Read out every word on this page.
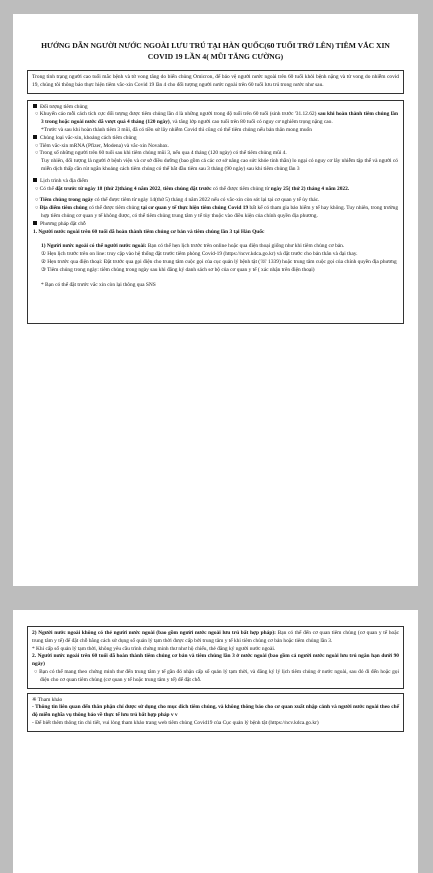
HƯỚNG DẪN NGƯỜI NƯỚC NGOÀI LƯU TRÚ TẠI HÀN QUỐC(60 TUỔI TRỞ LÊN) TIÊM VẮC XIN COVID 19 LẦN 4( MŨI TĂNG CƯỜNG)
Trong tình trạng người cao tuổi mắc bệnh và tử vong tăng do biến chủng Omicron, để bảo vệ người nước ngoài trên 60 tuổi khỏi bệnh nặng và tử vong do nhiễm covid 19, chúng tôi thông báo thực hiện tiêm vắc-xin Covid 19 lần 4 cho đối tượng người nước ngoài trên 60 tuổi lưu trú trong nước như sau.
Đối tượng tiêm chủng
○ Khuyến cáo mỗi cách tích cực đối tượng được tiêm chủng lần 4 là những người trong độ tuổi trên 60 tuổi (sinh trước '31.12.62) sau khi hoàn thành tiêm chủng lần 3 trong hoặc ngoài nước đã vượt quá 4 tháng (120 ngày), và tăng lớp người cao tuổi trên 80 tuổi có nguy cơ nghiêm trọng nặng cao.
*Trước và sau khi hoàn thành tiêm 3 mũi, đã có tiền sử lây nhiễm Covid thì cũng có thể tiêm chủng nếu bản thân mong muốn
Chủng loại vắc-xin, khoảng cách tiêm chủng
○ Tiêm vắc-xin mRNA (Pfizer, Modena) và vắc-xin Novabax.
○ Trong số những người trên 60 tuổi sau khi tiêm chủng mũi 3, nếu qua 4 tháng (120 ngày) có thể tiêm chủng mũi 4.
Tuy nhiên, đối tượng là người ở bệnh viện và cơ sở điều dưỡng (bao gồm cả các cơ sở nâng cao sức khỏe tinh thần) lo ngại có nguy cơ lây nhiễm tập thể và người có miễn dịch thấp cần rút ngắn khoảng cách tiêm chủng có thể bắt đầu tiêm sau 3 tháng (90 ngày) sau khi tiêm chủng lần 3
Lịch trình và địa điểm
○ Có thể đặt trước từ ngày 18 (thứ 2)tháng 4 năm 2022, tiêm chủng đặt trước có thể được tiêm chủng từ ngày 25( thứ 2) tháng 4 năm 2022.
○ Tiêm chủng trong ngày có thể được tiêm từ ngày 14(thứ 5) tháng 4 năm 2022 nếu có vắc-xin còn sót lại tại cơ quan y tế ủy thác.
○ Địa điểm tiêm chủng có thể được tiêm chủng tại cơ quan y tế thực hiện tiêm chủng Covid 19 bất kể có tham gia bảo hiểm y tế hay không. Tuy nhiên, trong trường hợp tiêm chủng cơ quan y tế không được, có thể tiêm chủng trung tâm y tế tùy thuộc vào điều kiện của chính quyền địa phương.
Phương pháp đặt chỗ
1. Người nước ngoài trên 60 tuổi đã hoàn thành tiêm chủng cơ bản và tiêm chủng lần 3 tại Hàn Quốc
1) Người nước ngoài có thể người nước ngoài: Bạn có thể hẹn lịch trước trên online hoặc qua điện thoại giống như khi tiêm chủng cơ bản.
① Hẹn lịch trước trên on line: truy cập vào hệ thống đặt trước tiêm phòng Covid-19 (https://ncvr.kdca.go.kr) và đặt trước cho bản thân và đại thay.
② Hẹn trước qua điện thoại: Đặt trước qua gọi điện cho trung tâm cuộc gọi của cục quản lý bệnh tật (☏ 1339) hoặc trung tâm cuộc gọi của chính quyền địa phương
③ Tiêm chủng trong ngày: tiêm chủng trong ngày sau khi đăng ký danh sách sơ bộ của cơ quan y tế ( xác nhận trên điện thoại)
* Bạn có thể đặt trước vắc xin còn lại thông qua SNS
2) Người nước ngoài không có thẻ người nước ngoài (bao gồm người nước ngoài lưu trú bất hợp pháp): Bạn có thể đến cơ quan tiêm chủng (cơ quan y tế hoặc trung tâm y tế) để đặt chỗ bằng cách sử dụng số quản lý tạm thời được cấp bởi trung tâm y tế khi tiêm chủng cơ bản hoặc tiêm chủng lần 3.
* Khi cấp số quản lý tạm thời, không yêu cầu trình chứng minh thư như hộ chiếu, thẻ đăng ký người nước ngoài.
2. Người nước ngoài trên 60 tuổi đã hoàn thành tiêm chủng cơ bản và tiêm chủng lần 3 ở nước ngoài (bao gồm cả người nước ngoài lưu trú ngắn hạn dưới 90 ngày)
○ Bạn có thể mang theo chứng minh thư đến trung tâm y tế gần đó nhận cấp số quản lý tạm thời, và đăng ký lý lịch tiêm chủng ở nước ngoài, sau đó đi đến hoặc gọi điện cho cơ quan tiêm chủng (cơ quan y tế hoặc trung tâm y tế) để đặt chỗ.
※ Tham khảo
- Thông tin liên quan đến thân phận chỉ được sử dụng cho mục đích tiêm chủng, và không thông báo cho cơ quan xuất nhập cảnh và người nước ngoài theo chế độ miễn nghĩa vụ thông báo về thực tế lưu trú bất hợp pháp v v
- Để biết thêm thông tin chi tiết, vui lòng tham khảo trang web tiêm chủng Covid19 của Cục quản lý bệnh tật (https://ncv.kdca.go.kr)
